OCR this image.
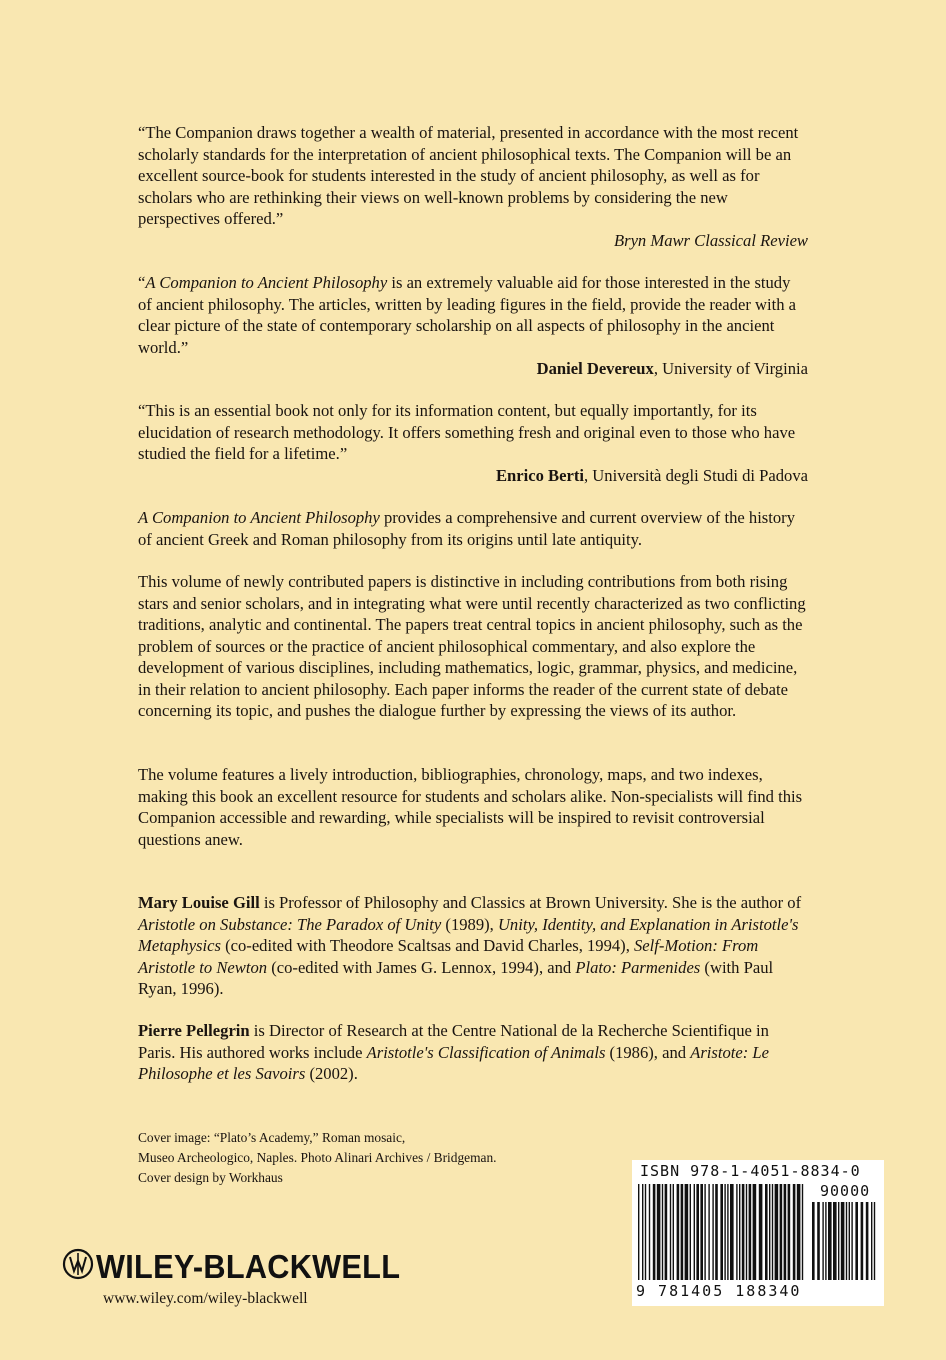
“The Companion draws together a wealth of material, presented in accordance with the most recent scholarly standards for the interpretation of ancient philosophical texts. The Companion will be an excellent source-book for students interested in the study of ancient philosophy, as well as for scholars who are rethinking their views on well-known problems by considering the new perspectives offered.”

Bryn Mawr Classical Review

“A Companion to Ancient Philosophy is an extremely valuable aid for those interested in the study of ancient philosophy. The articles, written by leading figures in the field, provide the reader with a clear picture of the state of contemporary scholarship on all aspects of philosophy in the ancient world.”

Daniel Devereux, University of Virginia

“This is an essential book not only for its information content, but equally importantly, for its elucidation of research methodology. It offers something fresh and original even to those who have studied the field for a lifetime.”

Enrico Berti, Università degli Studi di Padova

A Companion to Ancient Philosophy provides a comprehensive and current overview of the history of ancient Greek and Roman philosophy from its origins until late antiquity.

This volume of newly contributed papers is distinctive in including contributions from both rising stars and senior scholars, and in integrating what were until recently characterized as two conflicting traditions, analytic and continental. The papers treat central topics in ancient philosophy, such as the problem of sources or the practice of ancient philosophical commentary, and also explore the development of various disciplines, including mathematics, logic, grammar, physics, and medicine, in their relation to ancient philosophy. Each paper informs the reader of the current state of debate concerning its topic, and pushes the dialogue further by expressing the views of its author.

The volume features a lively introduction, bibliographies, chronology, maps, and two indexes, making this book an excellent resource for students and scholars alike. Non-specialists will find this Companion accessible and rewarding, while specialists will be inspired to revisit controversial questions anew.

Mary Louise Gill is Professor of Philosophy and Classics at Brown University. She is the author of Aristotle on Substance: The Paradox of Unity (1989), Unity, Identity, and Explanation in Aristotle's Metaphysics (co-edited with Theodore Scaltsas and David Charles, 1994), Self-Motion: From Aristotle to Newton (co-edited with James G. Lennox, 1994), and Plato: Parmenides (with Paul Ryan, 1996).

Pierre Pellegrin is Director of Research at the Centre National de la Recherche Scientifique in Paris. His authored works include Aristotle's Classification of Animals (1986), and Aristote: Le Philosophe et les Savoirs (2002).

Cover image: “Plato’s Academy,” Roman mosaic,
Museo Archeologico, Naples. Photo Alinari Archives / Bridgeman.
Cover design by Workhaus	ISBN 978-1-4051-8834-0
90000
9 781405 188340
WILEY-BLACKWELL
www.wiley.com/wiley-blackwell
